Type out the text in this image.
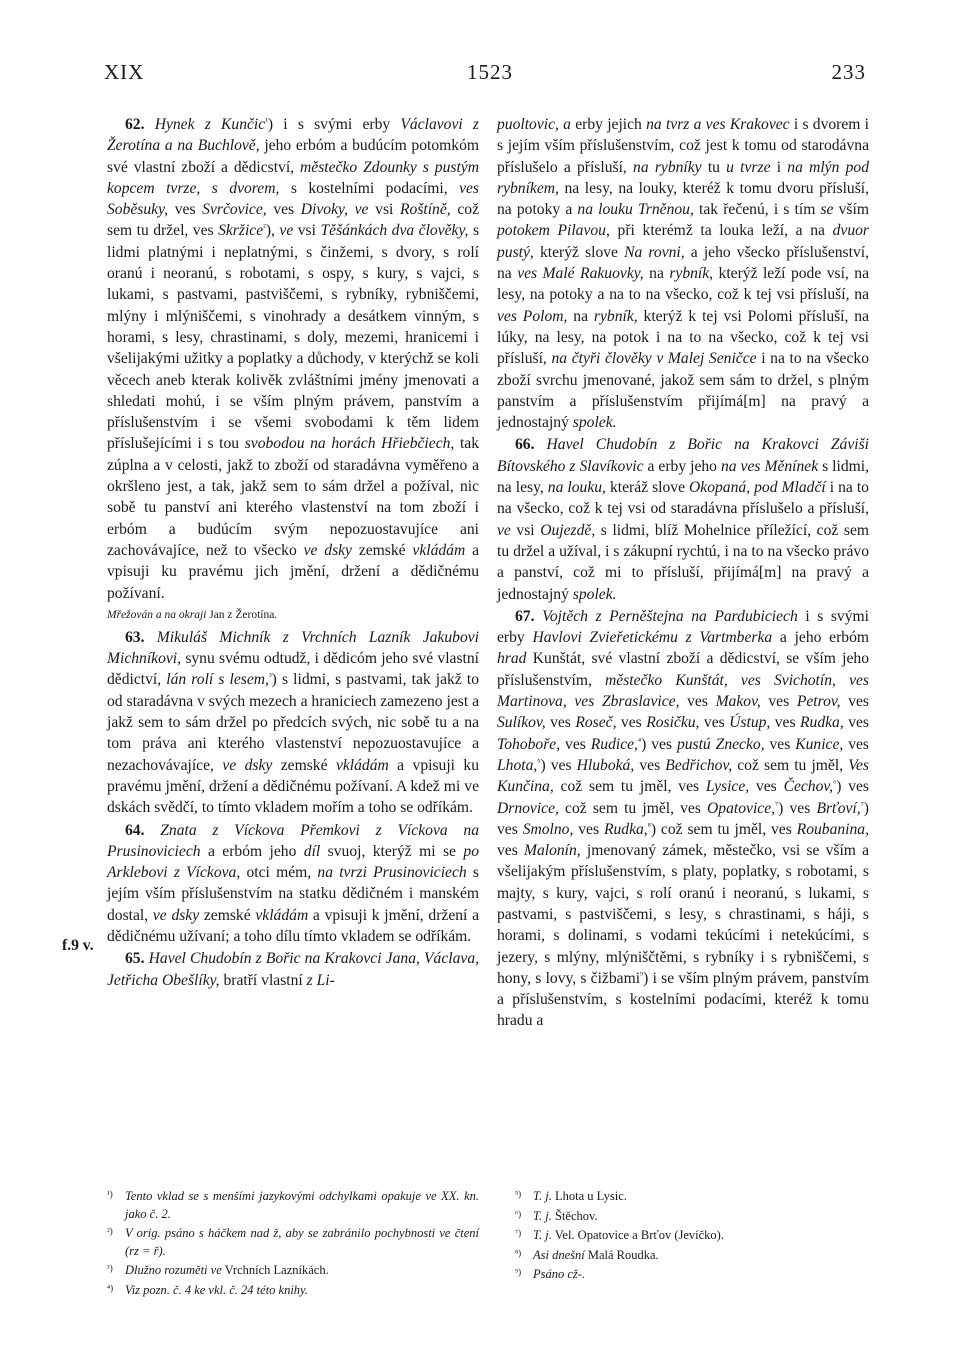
XIX	1523	233
f.9 v.

62. Hynek z Kunčic$^{^1}$) i s svými erby Václavovi z Žerotína a na Buchlově, jeho erbóm a budúcím potomkóm své vlastní zboží a dědicství, městečko Zdounky s pustým kopcem tvrze, s dvorem, s kostelními podacími, ves Soběsuky, ves Svrčovice, ves Divoky, ve vsi Roštíně, což sem tu držel, ves Skržice$^{^2}$), ve vsi Těšánkách dva člověky, s lidmi platnými i neplatnými, s činžemi, s dvory, s rolí oranú i neoranú, s robotami, s ospy, s kury, s vajci, s lukami, s pastvami, pastviščemi, s rybníky, rybniščemi, mlýny i mlýniščemi, s vinohrady a desátkem vinným, s horami, s lesy, chrastinami, s doly, mezemi, hranicemi i všelijakými užitky a poplatky a důchody, v kterýchž se koli věcech aneb kterak kolivěk zvláštními jmény jmenovati a shledati mohú, i se vším plným právem, panstvím a příslušenstvím i se všemi svobodami k těm lidem příslušejícími i s tou svobodou na horách Hřiebčiech, tak zúplna a v celosti, jakž to zboží od staradávna vyměřeno a okršleno jest, a tak, jakž sem to sám držel a požíval, nic sobě tu panství ani kterého vlastenství na tom zboží i erbóm a budúcím svým nepozuostavujíce ani zachovávajíce, než to všecko ve dsky zemské vkládám a vpisuji ku pravému jich jmění, držení a dědičnému požívaní.

Mřežován a na okraji Jan z Žerotína.

63. Mikuláš Michník z Vrchních Lazník Jakubovi Michníkovi, synu svému odtudž, i dědicóm jeho své vlastní dědictví, lán rolí s lesem,$^{^3}$) s lidmi, s pastvami, tak jakž to od staradávna v svých mezech a hraniciech zamezeno jest a jakž sem to sám držel po předcích svých, nic sobě tu a na tom práva ani kterého vlastenství nepozuostavujíce a nezachovávajíce, ve dsky zemské vkládám a vpisuji ku pravému jmění, držení a dědičnému požívaní. A kdež mi ve dskách svědčí, to tímto vkladem mořím a toho se odříkám.

64. Znata z Víckova Přemkovi z Víckova na Prusinoviciech a erbóm jeho díl svuoj, kterýž mi se po Arklebovi z Víckova, otci mém, na tvrzi Prusinoviciech s jejím vším příslušenstvím na statku dědičném i manském dostal, ve dsky zemské vkládám a vpisuji k jmění, držení a dědičnému užívaní; a toho dílu tímto vkladem se odříkám.

65. Havel Chudobín z Bořic na Krakovci Janа, Václava, Jetřicha Obešlíky, bratří vlastní z Li-

puoltovic, a erby jejich na tvrz a ves Krakovec i s dvorem i s jejím vším příslušenstvím, což jest k tomu od starodávna příslušelo a přísluší, na rybníky tu u tvrze i na mlýn pod rybníkem, na lesy, na louky, kteréž k tomu dvoru přísluší, na potoky a na louku Trněnou, tak řečenú, i s tím se vším potokem Pilavou, při kterémž ta louka leží, a na dvuor pustý, kterýž slove Na rovni, a jeho všecko příslušenství, na ves Malé Rakuovky, na rybník, kterýž leží pode vsí, na lesy, na potoky a na to na všecko, což k tej vsi přísluší, na ves Polom, na rybník, kterýž k tej vsi Polomi přísluší, na lúky, na lesy, na potok i na to na všecko, což k tej vsi přísluší, na čtyři člověky v Malej Seničce i na to na všecko zboží svrchu jmenované, jakož sem sám to držel, s plným panstvím a příslušenstvím přijímá[m] na pravý a jednostajný spolek.

66. Havel Chudobín z Bořic na Krakovci Záviši Bítovského z Slavíkovic a erby jeho na ves Měnínek s lidmi, na lesy, na louku, kteráž slove Okopaná, pod Mladčí i na to na všecko, což k tej vsi od staradávna příslušelo a přísluší, ve vsi Oujezdě, s lidmi, blíž Mohelnice příležící, což sem tu držel a užíval, i s zákupní rychtú, i na to na všecko právo a panství, což mi to přísluší, přijímá[m] na pravý a jednostajný spolek.

67. Vojtěch z Perněštejna na Pardubiciech i s svými erby Havlovi Zvieřetickému z Vartmberka a jeho erbóm hrad Kunštát, své vlastní zboží a dědicství, se vším jeho příslušenstvím, městečko Kunštát, ves Svichotín, ves Martinova, ves Zbraslavice, ves Makov, ves Petrov, ves Sulíkov, ves Roseč, ves Rosičku, ves Ústup, ves Rudka, ves Tohoboře, ves Rudice,$^{^4}$) ves pustú Znecko, ves Kunice, ves Lhota,$^{^5}$) ves Hluboká, ves Bedřichov, což sem tu jměl, Ves Kunčina, což sem tu jměl, ves Lysice, ves Čechov,$^{^6}$) ves Drnovice, což sem tu jměl, ves Opatovice,$^{^7}$) ves Brťoví,$^{^7}$) ves Smolno, ves Rudka,$^{^8}$) což sem tu jměl, ves Roubanina, ves Malonín, jmenovaný zámek, městečko, vsi se vším a všelijakým příslušenstvím, s platy, poplatky, s robotami, s majty, s kury, vajci, s rolí oranú i neoranú, s lukami, s pastvami, s pastviščemi, s lesy, s chrastinami, s háji, s horami, s dolinami, s vodami tekúcími i netekúcími, s jezery, s mlýny, mlýniščtěmi, s rybníky i s rybniščemi, s hony, s lovy, s čižbami$^{^9}$) i se vším plným právem, panstvím a příslušenstvím, s kostelními podacími, kteréž k tomu hradu a

¹) Tento vklad se s menšími jazykovými odchylkami opakuje ve XX. kn. jako č. 2.
²) V orig. psáno s háčkem nad ž, aby se zabránilo pochybnosti ve čtení (rz = ř).
³) Dlužno rozuměti ve Vrchních Lazníkách.
⁴) Viz pozn. č. 4 ke vkl. č. 24 této knihy.
⁵) T. j. Lhota u Lysic.
⁶) T. j. Štěchov.
⁷) T. j. Vel. Opatovice a Brťov (Jevíčko).
⁸) Asi dnešní Malá Roudka.
⁹) Psáno cž-.
